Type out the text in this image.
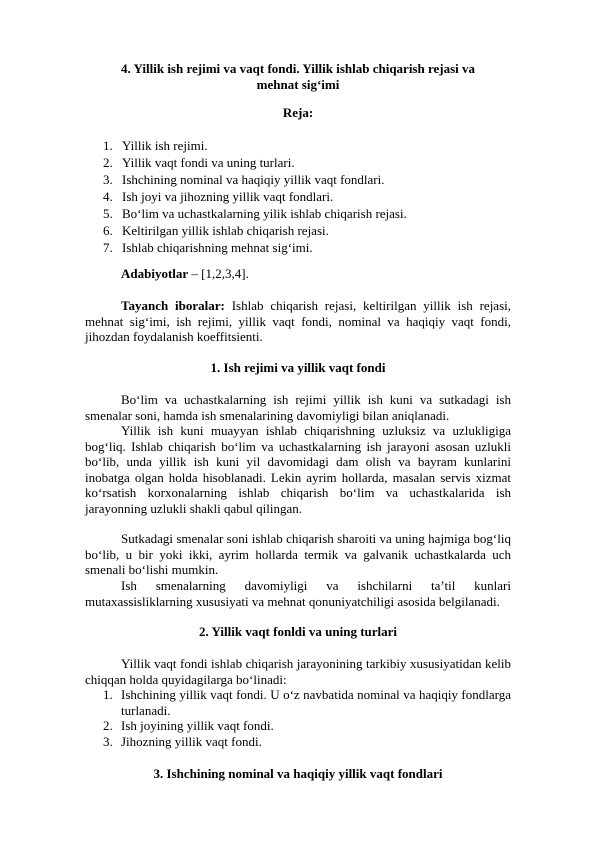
4. Yillik ish rejimi va vaqt fondi. Yillik ishlab chiqarish rejasi va
mehnat sig‘imi
Reja:
1. Yillik ish rejimi.
2. Yillik vaqt fondi va uning turlari.
3. Ishchining nominal va haqiqiy yillik vaqt fondlari.
4. Ish joyi va jihozning yillik vaqt fondlari.
5. Bo‘lim va uchastkalarning yilik ishlab chiqarish rejasi.
6. Keltirilgan yillik ishlab chiqarish rejasi.
7. Ishlab chiqarishning mehnat sig‘imi.
Adabiyotlar – [1,2,3,4].
Tayanch iboralar: Ishlab chiqarish rejasi, keltirilgan yillik ish rejasi, mehnat sig‘imi, ish rejimi, yillik vaqt fondi, nominal va haqiqiy vaqt fondi, jihozdan foydalanish koeffitsienti.
1. Ish rejimi va yillik vaqt fondi
Bo‘lim va uchastkalarning ish rejimi yillik ish kuni va sutkadagi ish smenalar soni, hamda ish smenalarining davomiyligi bilan aniqlanadi.
Yillik ish kuni muayyan ishlab chiqarishning uzluksiz va uzlukligiga bog‘liq. Ishlab chiqarish bo‘lim va uchastkalarning ish jarayoni asosan uzlukli bo‘lib, unda yillik ish kuni yil davomidagi dam olish va bayram kunlarini inobatga olgan holda hisoblanadi. Lekin ayrim hollarda, masalan servis xizmat ko‘rsatish korxonalarning ishlab chiqarish bo‘lim va uchastkalarida ish jarayonning uzlukli shakli qabul qilingan.
Sutkadagi smenalar soni ishlab chiqarish sharoiti va uning hajmiga bog‘liq bo‘lib, u bir yoki ikki, ayrim hollarda termik va galvanik uchastkalarda uch smenali bo‘lishi mumkin.
Ish smenalarning davomiyligi va ishchilarni ta’til kunlari mutaxassisliklarning xususiyati va mehnat qonuniyatchiligi asosida belgilanadi.
2. Yillik vaqt fonldi va uning turlari
Yillik vaqt fondi ishlab chiqarish jarayonining tarkibiy xususiyatidan kelib chiqqan holda quyidagilarga bo‘linadi:
1. Ishchining yillik vaqt fondi. U o‘z navbatida nominal va haqiqiy fondlarga turlanadi.
2. Ish joyining yillik vaqt fondi.
3. Jihozning yillik vaqt fondi.
3. Ishchining nominal va haqiqiy yillik vaqt fondlari
